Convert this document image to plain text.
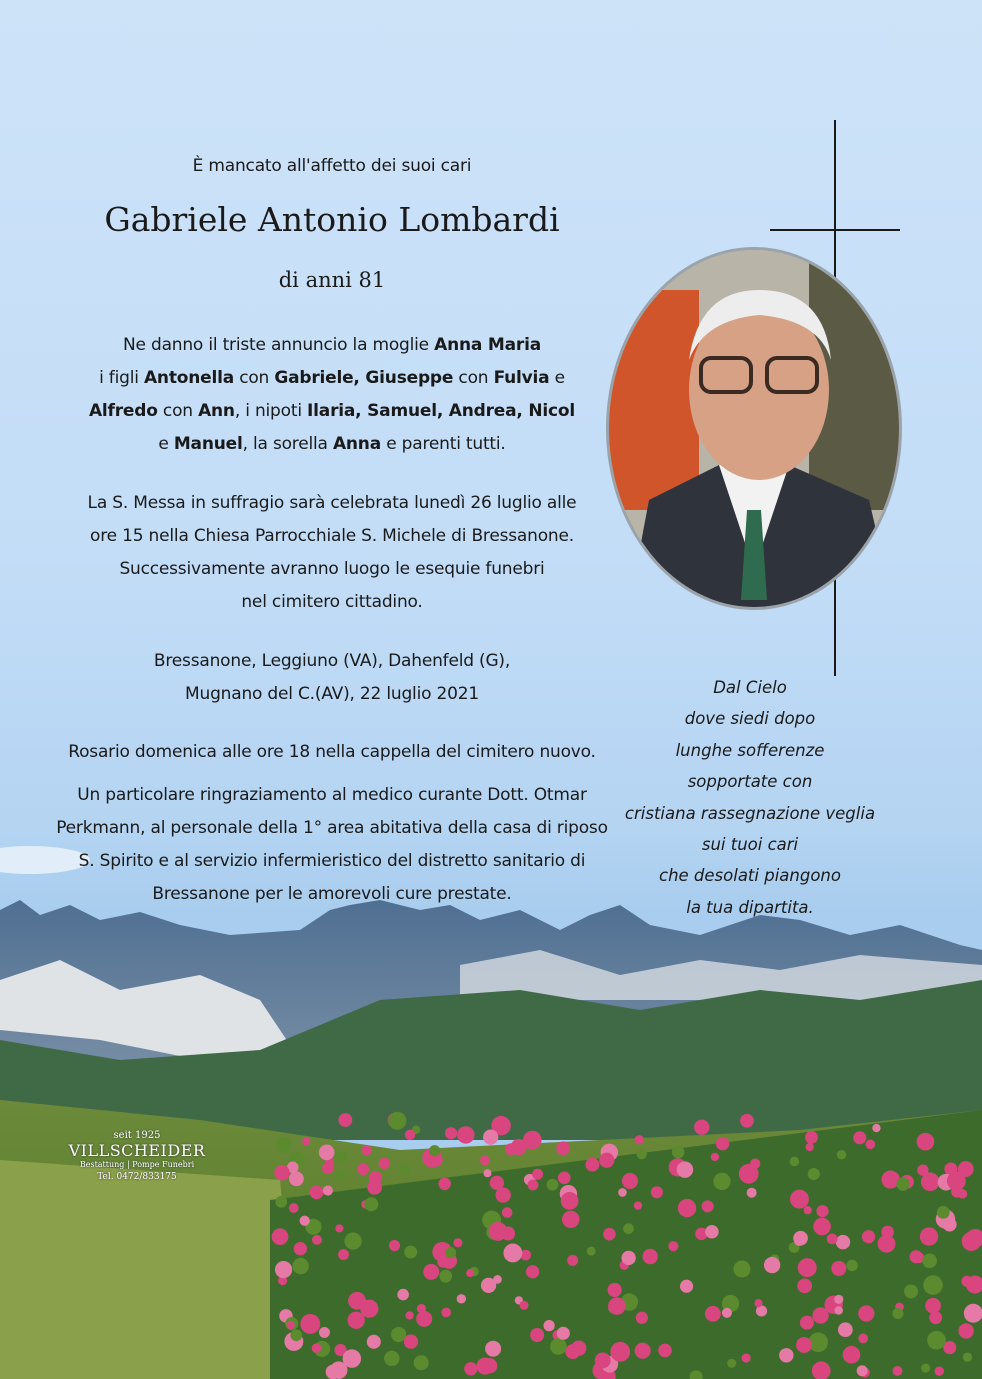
È mancato all'affetto dei suoi cari
Gabriele Antonio Lombardi
di anni 81
Ne danno il triste annuncio la moglie Anna Maria
i figli Antonella con Gabriele, Giuseppe con Fulvia e
Alfredo con Ann, i nipoti Ilaria, Samuel, Andrea, Nicol
e Manuel, la sorella Anna e parenti tutti.
La S. Messa in suffragio sarà celebrata lunedì 26 luglio alle
ore 15 nella Chiesa Parrocchiale S. Michele di Bressanone.
Successivamente avranno luogo le esequie funebri
nel cimitero cittadino.
Bressanone, Leggiuno (VA), Dahenfeld (G),
Mugnano del C.(AV), 22 luglio 2021
Rosario domenica alle ore 18 nella cappella del cimitero nuovo.
Un particolare ringraziamento al medico curante Dott. Otmar
Perkmann, al personale della 1° area abitativa della casa di riposo
S. Spirito e al servizio infermieristico del distretto sanitario di
Bressanone per le amorevoli cure prestate.
Dal Cielo
dove siedi dopo
lunghe sofferenze
sopportate con
cristiana rassegnazione veglia
sui tuoi cari
che desolati piangono
la tua dipartita.
seit 1925
VILLSCHEIDER
Bestattung | Pompe Funebri
Tel. 0472/833175
